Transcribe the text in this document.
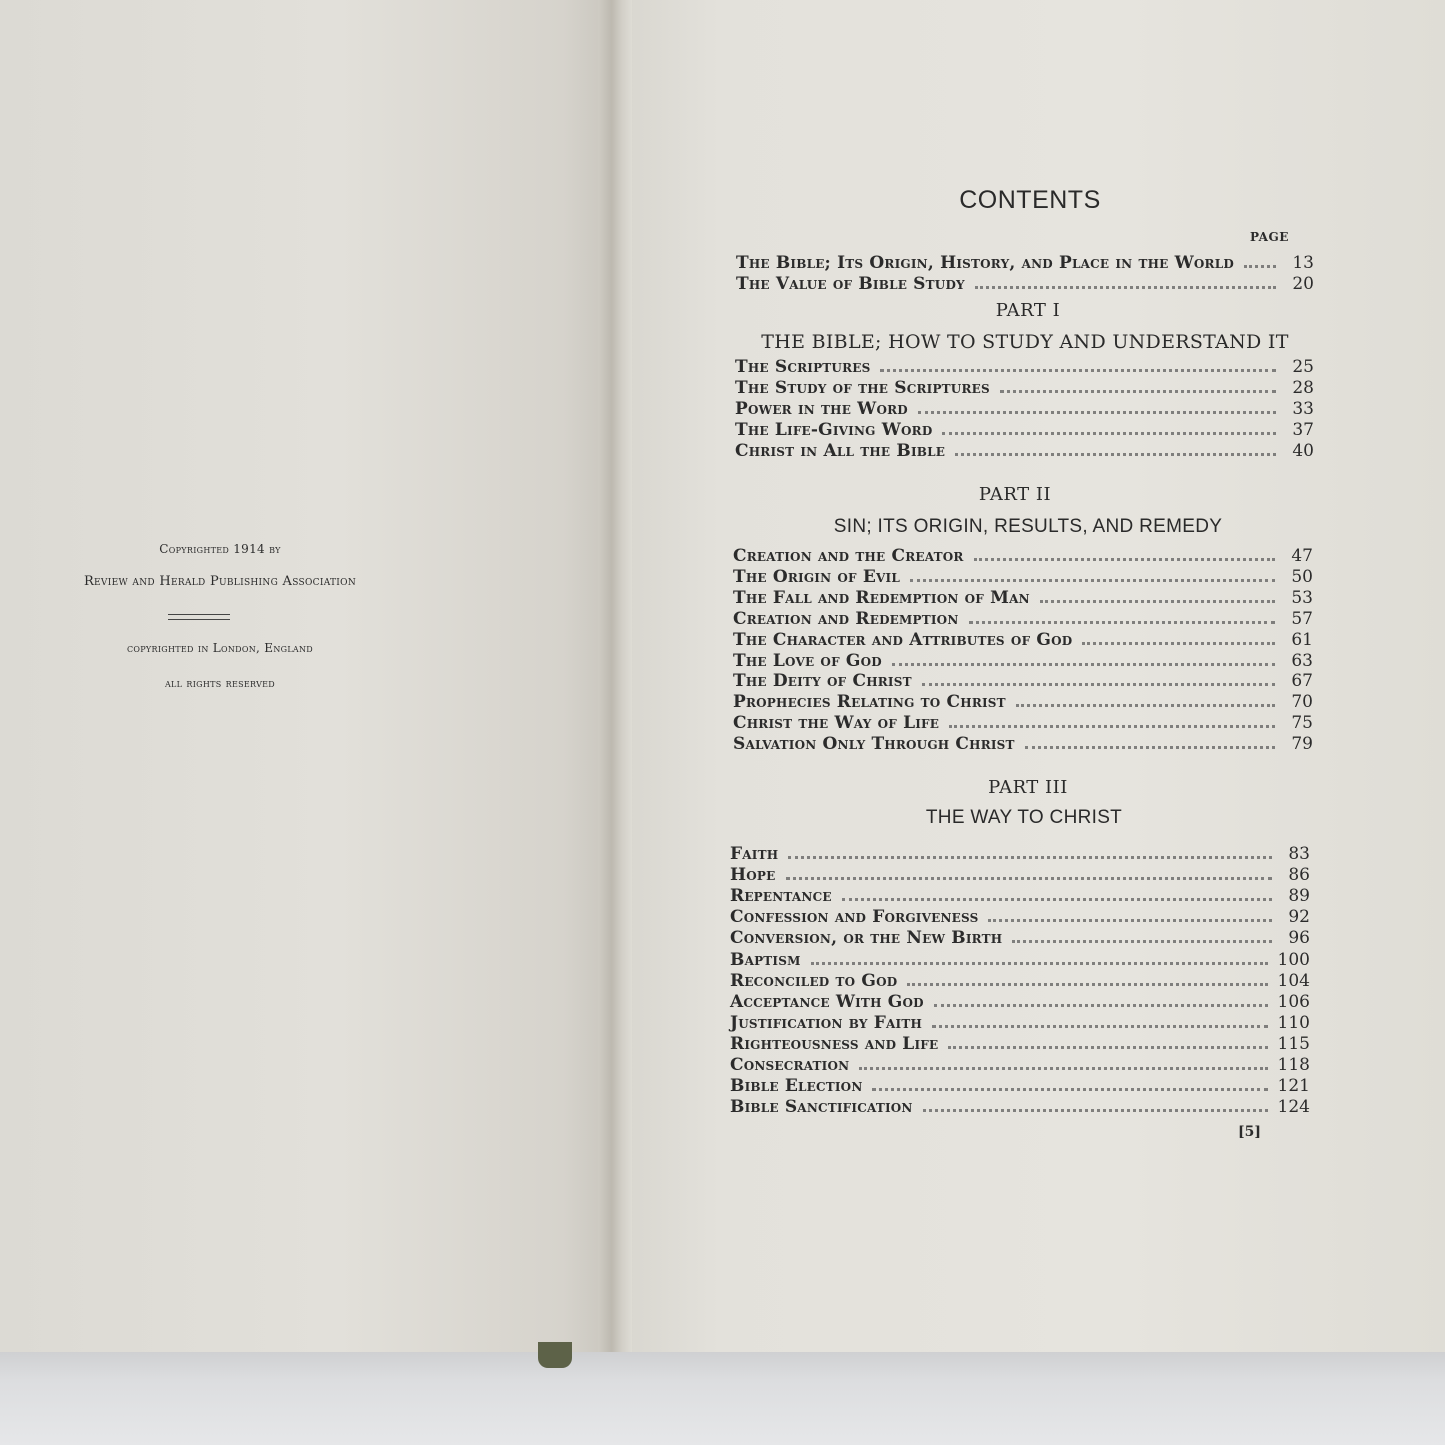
Copyrighted 1914 by
Review and Herald Publishing Association
copyrighted in London, England
all rights reserved
CONTENTS
PAGE
The Bible; Its Origin, History, and Place in the World	13
The Value of Bible Study	20
PART I
THE BIBLE; HOW TO STUDY AND UNDERSTAND IT
The Scriptures	25
The Study of the Scriptures	28
Power in the Word	33
The Life-Giving Word	37
Christ in All the Bible	40
PART II
SIN; ITS ORIGIN, RESULTS, AND REMEDY
Creation and the Creator	47
The Origin of Evil	50
The Fall and Redemption of Man	53
Creation and Redemption	57
The Character and Attributes of God	61
The Love of God	63
The Deity of Christ	67
Prophecies Relating to Christ	70
Christ the Way of Life	75
Salvation Only Through Christ	79
PART III
THE WAY TO CHRIST
Faith	83
Hope	86
Repentance	89
Confession and Forgiveness	92
Conversion, or the New Birth	96
Baptism	100
Reconciled to God	104
Acceptance With God	106
Justification by Faith	110
Righteousness and Life	115
Consecration	118
Bible Election	121
Bible Sanctification	124
[5]
